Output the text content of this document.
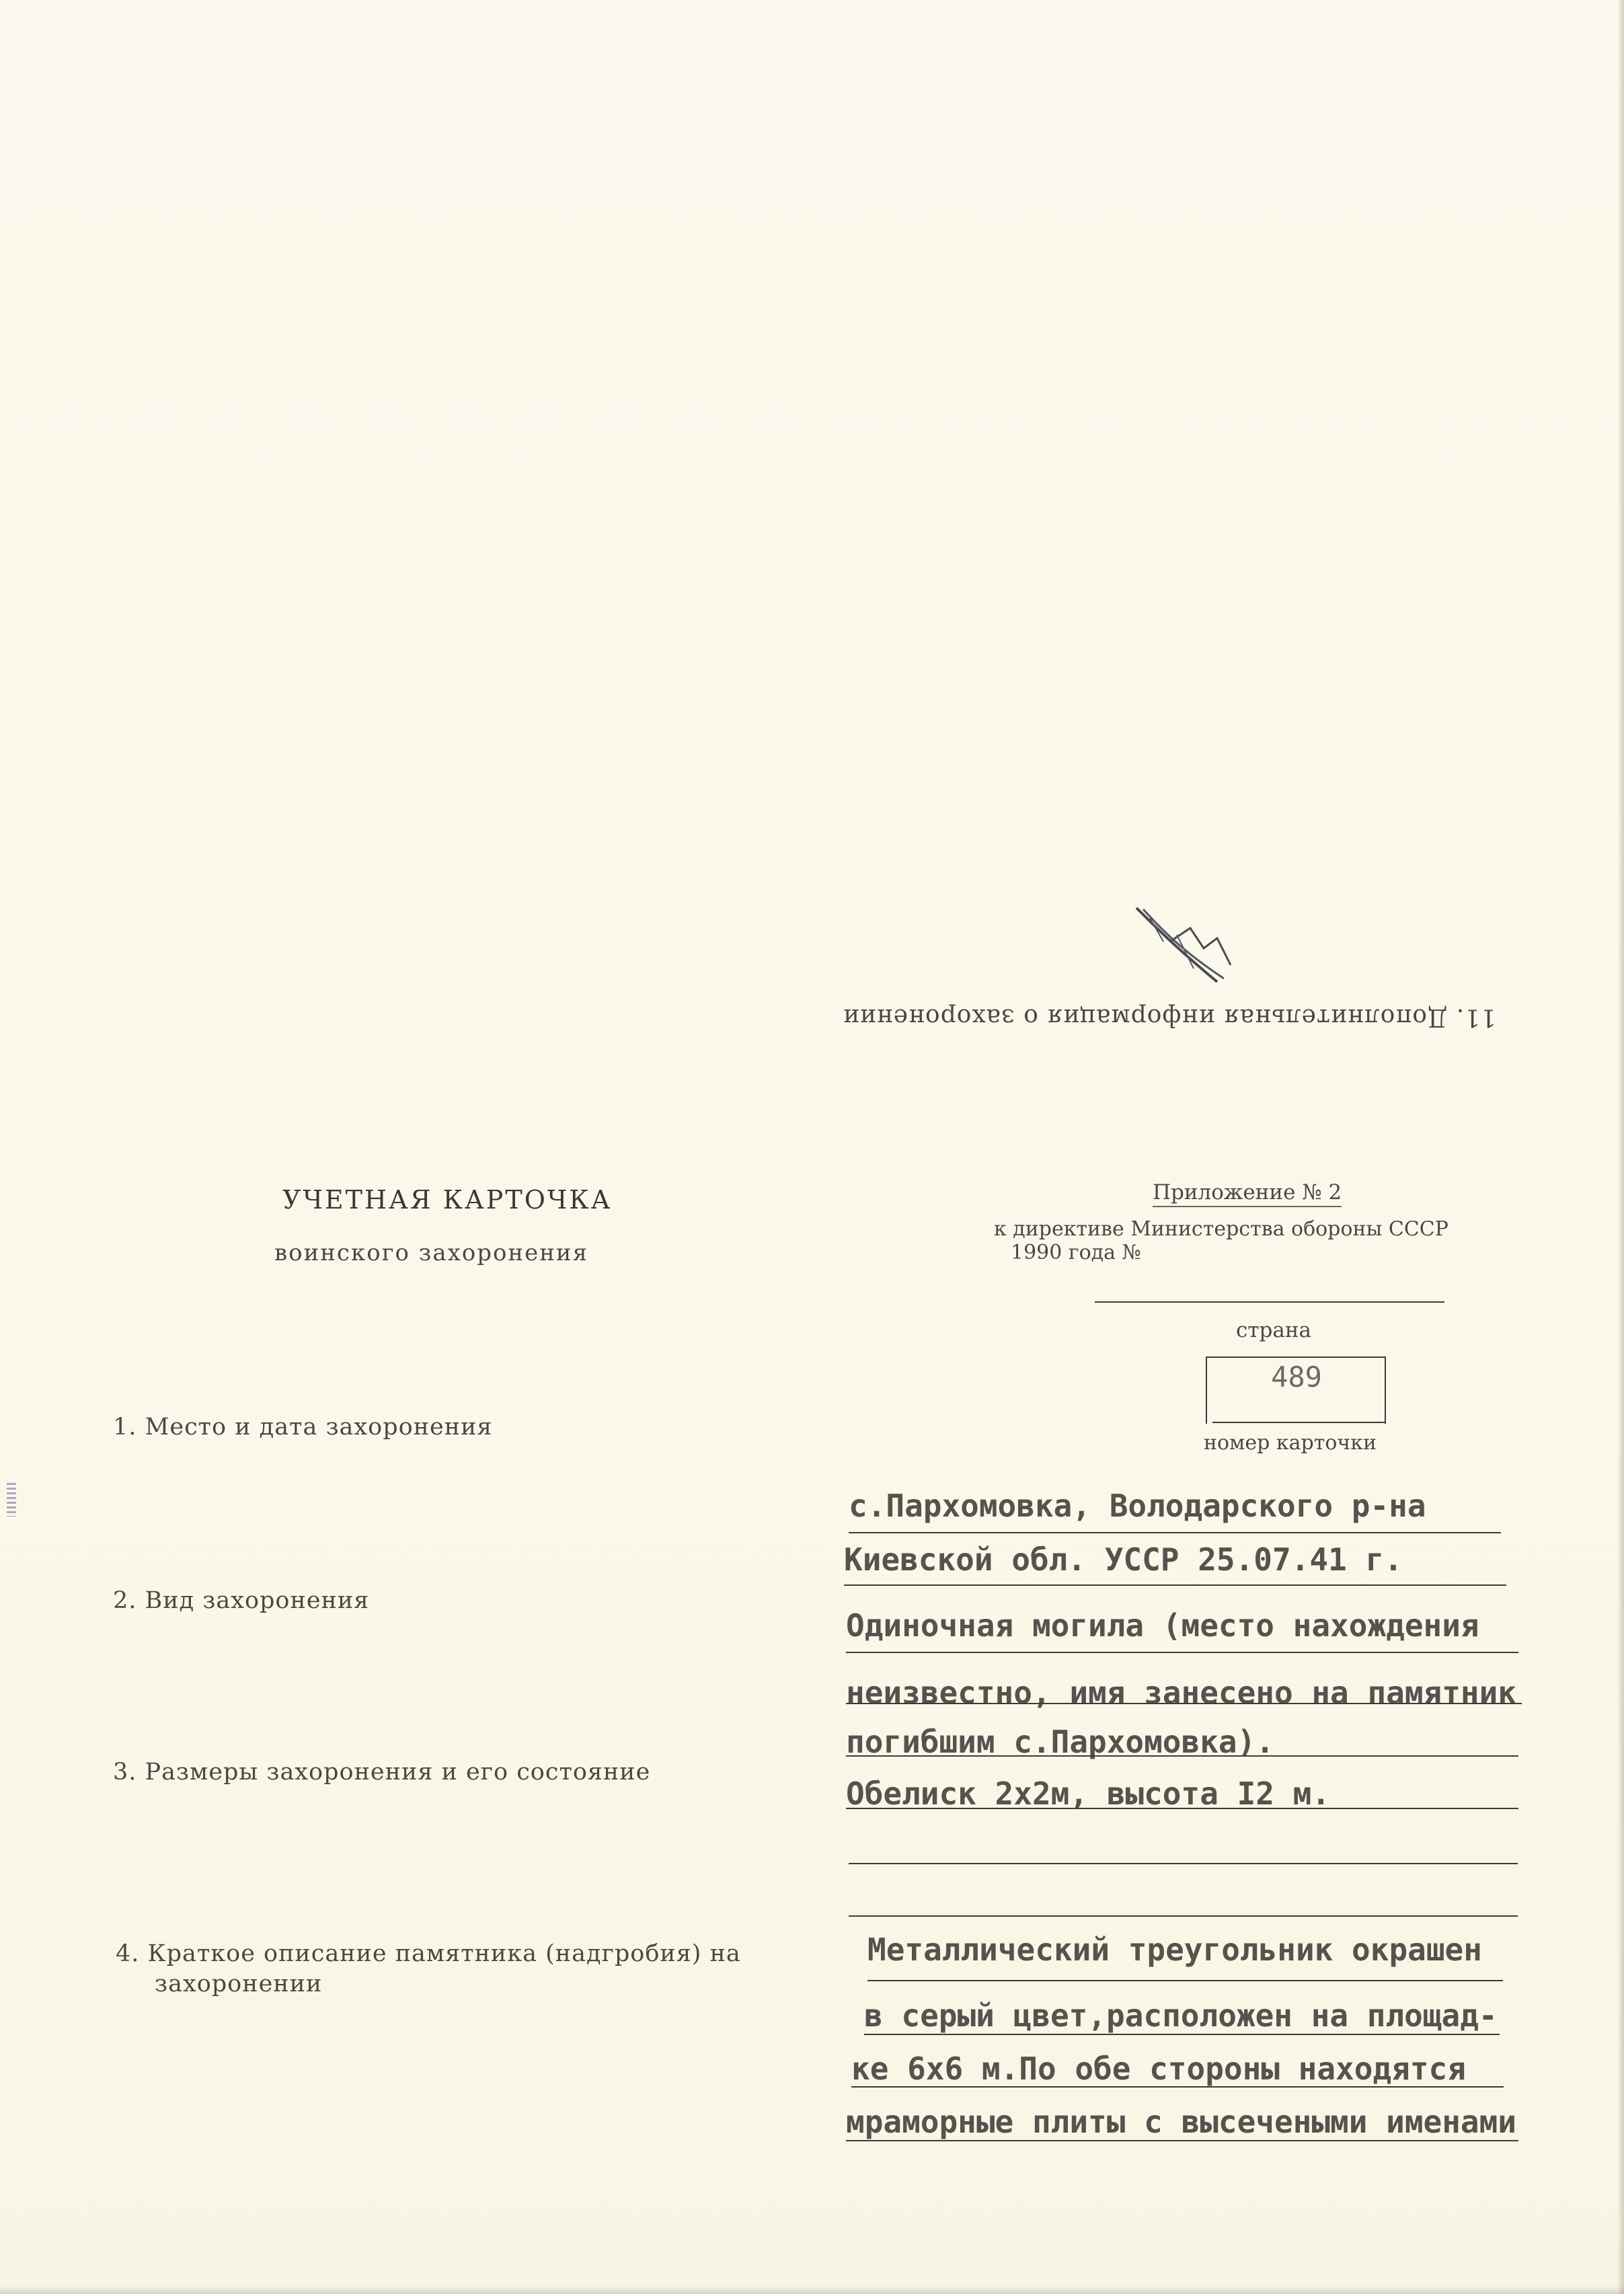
11. Дополнительная информация о захоронении
УЧЕТНАЯ КАРТОЧКА
воинского захоронения
Приложение № 2
к директиве Министерства обороны СССР
1990 года №
страна
489
номер карточки
1. Место и дата захоронения
2. Вид захоронения
3. Размеры захоронения и его состояние
4. Краткое описание памятника (надгробия) на
захоронении
с.Пархомовка, Володарского р-на
Киевской обл. УССР 25.07.41 г.
Одиночная могила (место нахождения
неизвестно, имя занесено на памятник
погибшим с.Пархомовка).
Обелиск 2х2м, высота I2 м.
Металлический треугольник окрашен
в серый цвет,расположен на площад-
ке 6х6 м.По обе стороны находятся
мраморные плиты с высечеными именами
